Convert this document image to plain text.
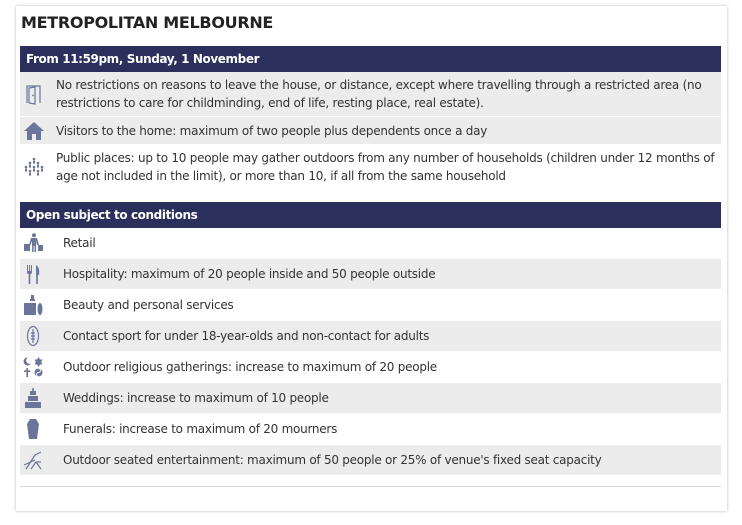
METROPOLITAN MELBOURNE
From 11:59pm, Sunday, 1 November
No restrictions on reasons to leave the house, or distance, except where travelling through a restricted area (no restrictions to care for childminding, end of life, resting place, real estate).
Visitors to the home: maximum of two people plus dependents once a day
Public places: up to 10 people may gather outdoors from any number of households (children under 12 months of age not included in the limit), or more than 10, if all from the same household
Open subject to conditions
Retail
Hospitality: maximum of 20 people inside and 50 people outside
Beauty and personal services
Contact sport for under 18-year-olds and non-contact for adults
Outdoor religious gatherings: increase to maximum of 20 people
Weddings: increase to maximum of 10 people
Funerals: increase to maximum of 20 mourners
Outdoor seated entertainment: maximum of 50 people or 25% of venue's fixed seat capacity
